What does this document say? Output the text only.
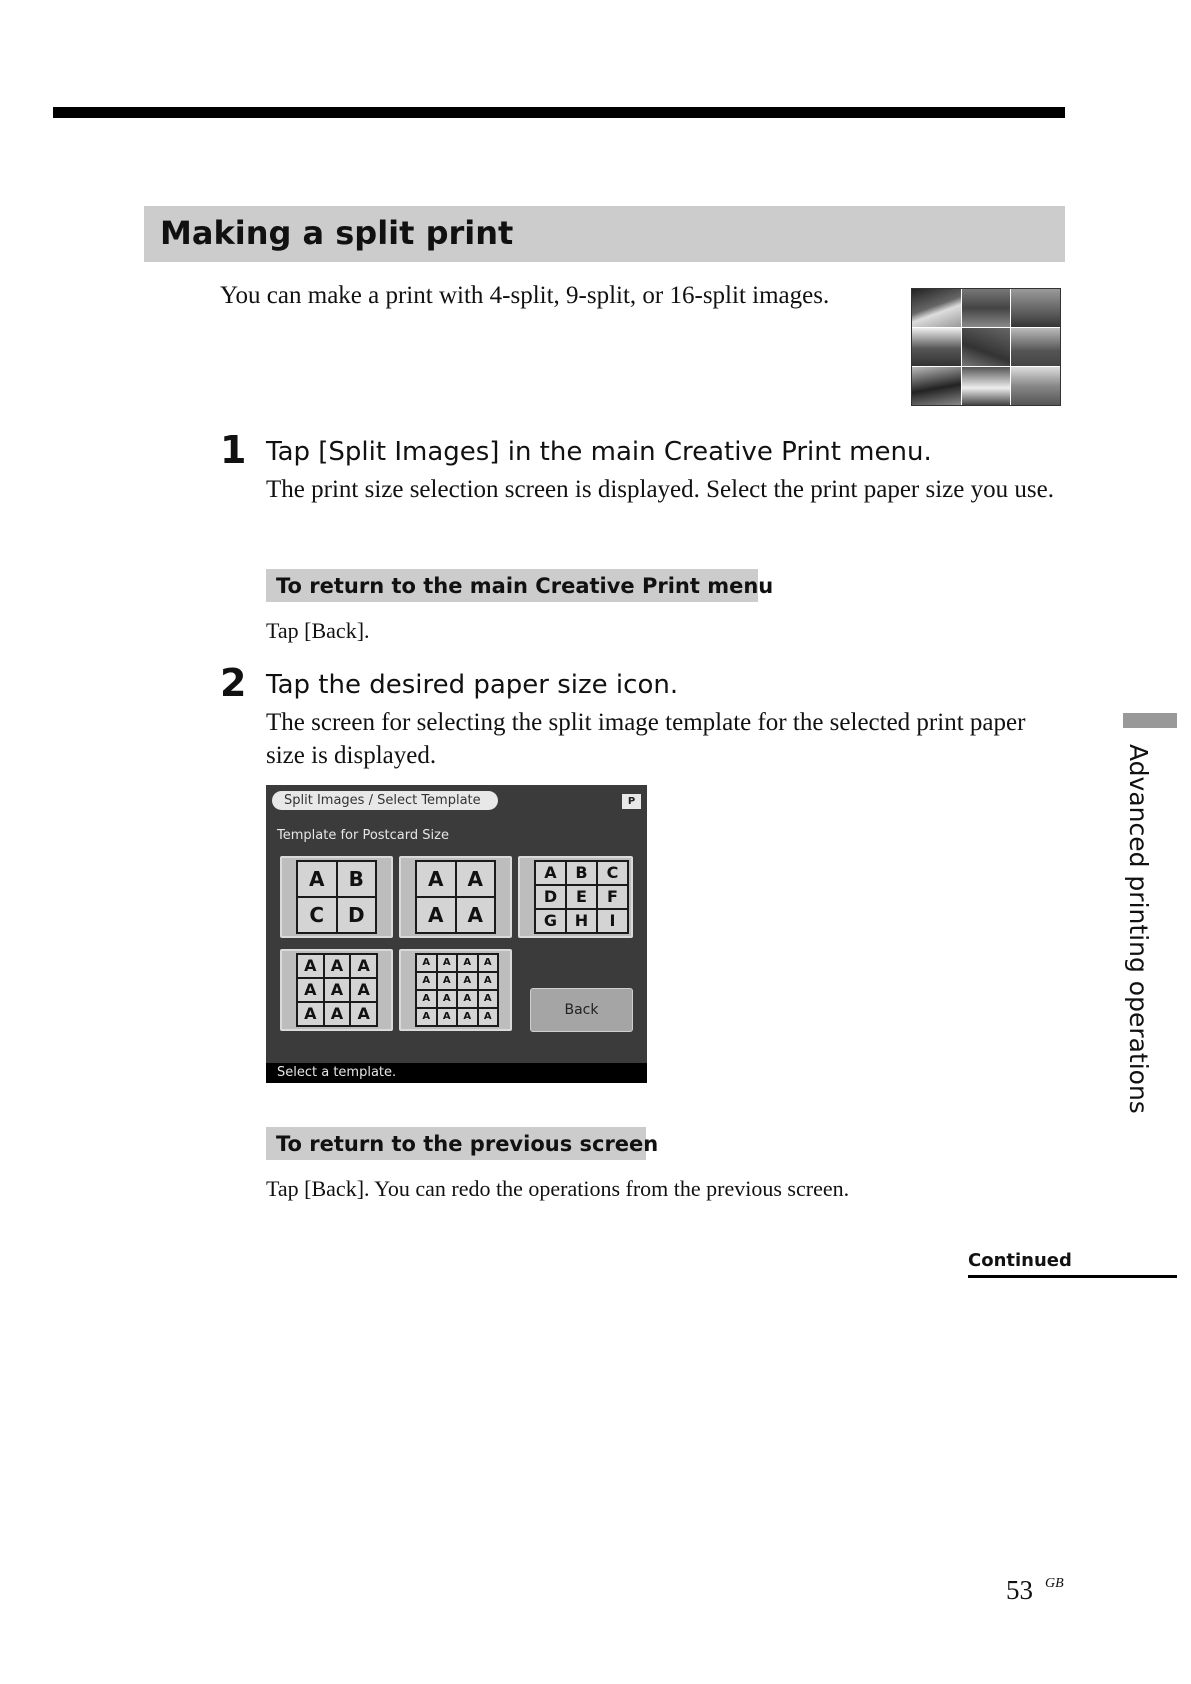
Making a split print
You can make a print with 4-split, 9-split, or 16-split images.
1 Tap [Split Images] in the main Creative Print menu.
The print size selection screen is displayed. Select the print paper size you use.
To return to the main Creative Print menu
Tap [Back].
2 Tap the desired paper size icon.
The screen for selecting the split image template for the selected print paper size is displayed.
Split Images / Select Template	P
Template for Postcard Size
A	B
C	D
A	A
A	A
A	B	C
D	E	F
G	H	I
A A A
A A A
A A A
A	A	A	A
A	A	A	A
A	A	A	A
A	A	A	A	Back
Select a template.
To return to the previous screen
Tap [Back]. You can redo the operations from the previous screen.
Continued
Advanced printing operations
53 GB
